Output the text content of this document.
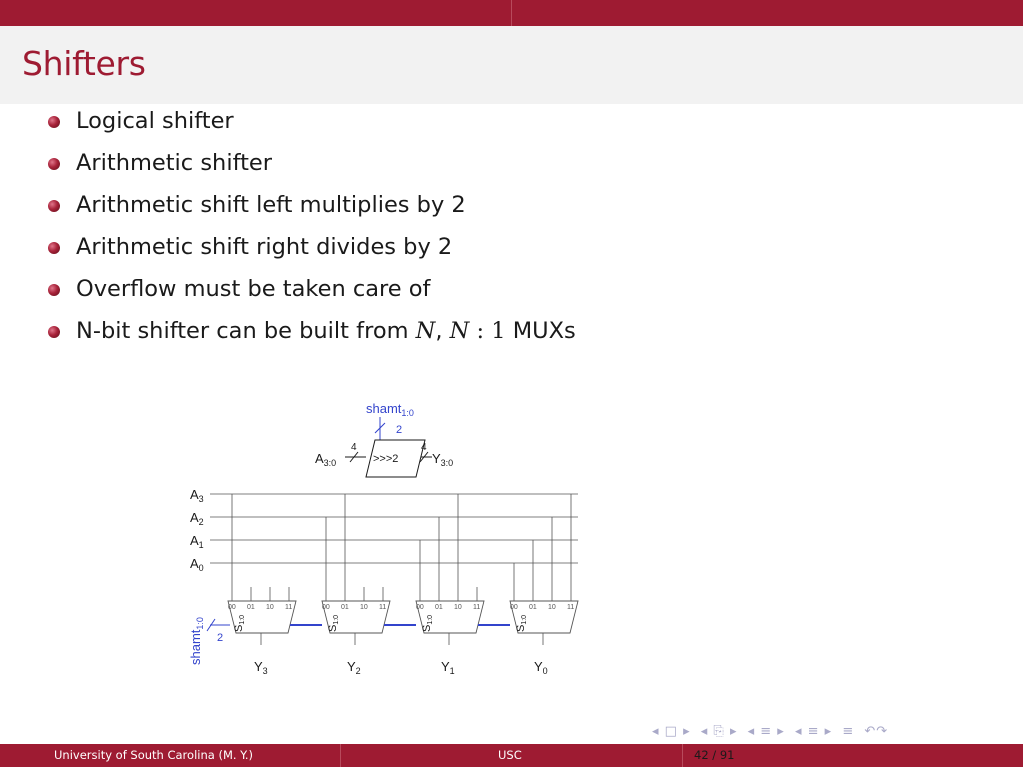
Shifters
Logical shifter
Arithmetic shifter
Arithmetic shift left multiplies by 2
Arithmetic shift right divides by 2
Overflow must be taken care of
N-bit shifter can be built from N, N : 1 MUXs
shamt$_{1:0}$
2
$A_{3:0}$
4
>>>2
4
$Y_{3:0}$
$A_3$
$A_2$
$A_1$
$A_0$
00 01 10 11
S1:0
00 01 10 11
S1:0
00 01 10 11
S1:0
00 01 10 11
S1:0
shamt$_{1:0}$
2
$Y_3$	$Y_2$	$Y_1$	$Y_0$
◂ □ ▸ ◂ ⎘ ▸ ◂ ≡ ▸ ◂ ≡ ▸ ≡ ↶↷
University of South Carolina (M. Y.)	USC	42 / 91
